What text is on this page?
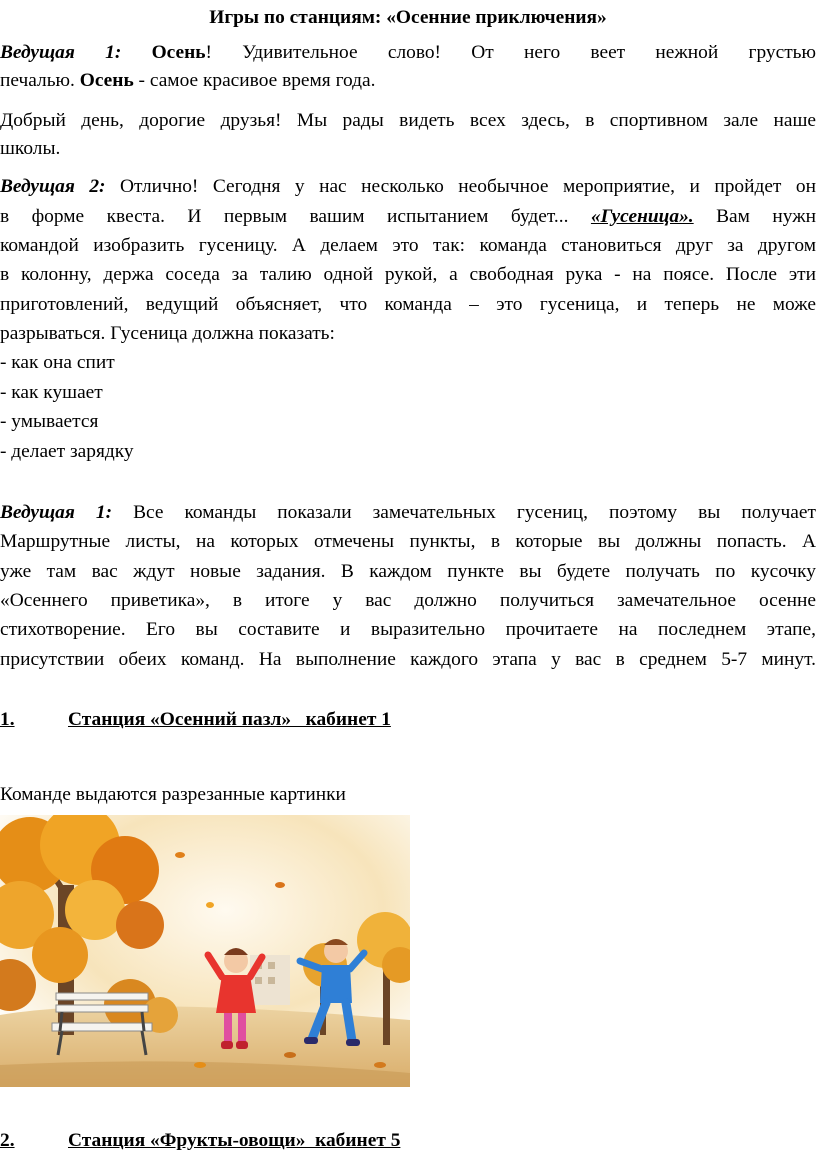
Игры по станциям: «Осенние приключения»
Ведущая 1: Осень! Удивительное слово! От него веет нежной грустью
печалью. Осень - самое красивое время года.
Добрый день, дорогие друзья! Мы рады видеть всех здесь, в спортивном зале наше
школы.
Ведущая 2: Отлично! Сегодня у нас несколько необычное мероприятие, и пройдет он
в форме квеста. И первым вашим испытанием будет... «Гусеница». Вам нужн
командой изобразить гусеницу. А делаем это так: команда становиться друг за другом
в колонну, держа соседа за талию одной рукой, а свободная рука - на поясе. После эти
приготовлений, ведущий объясняет, что команда – это гусеница, и теперь не може
разрываться. Гусеница должна показать:
- как она спит
- как кушает
- умывается
- делает зарядку
Ведущая 1: Все команды показали замечательных гусениц, поэтому вы получает
Маршрутные листы, на которых отмечены пункты, в которые вы должны попасть. А
уже там вас ждут новые задания. В каждом пункте вы будете получать по кусочку
«Осеннего приветика», в итоге у вас должно получиться замечательное осенне
стихотворение. Его вы составите и выразительно прочитаете на последнем этапе,
присутствии обеих команд. На выполнение каждого этапа у вас в среднем 5-7 минут.
1.	Станция «Осенний пазл»   кабинет 1
Команде выдаются разрезанные картинки
2.	Станция «Фрукты-овощи»  кабинет 5
